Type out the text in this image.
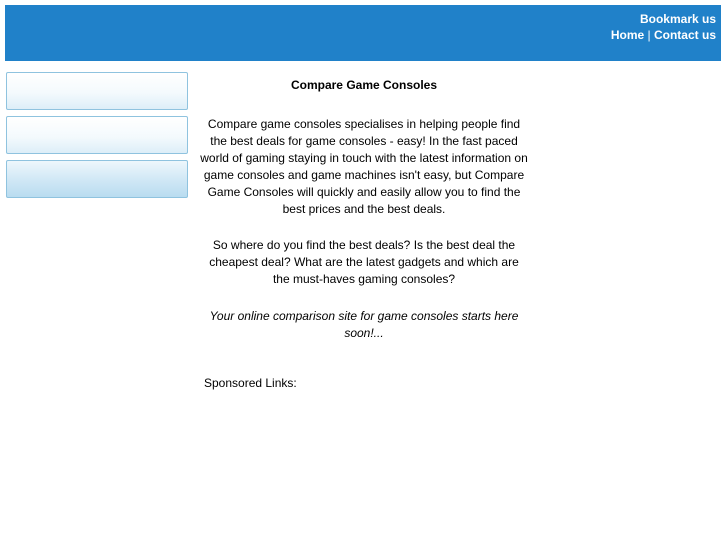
Bookmark us
Home | Contact us
Compare Game Consoles

Compare game consoles specialises in helping people find the best deals for game consoles - easy! In the fast paced world of gaming staying in touch with the latest information on game consoles and game machines isn't easy, but Compare Game Consoles will quickly and easily allow you to find the best prices and the best deals.

So where do you find the best deals? Is the best deal the cheapest deal? What are the latest gadgets and which are the must-haves gaming consoles?

Your online comparison site for game consoles starts here soon!...

Sponsored Links:
